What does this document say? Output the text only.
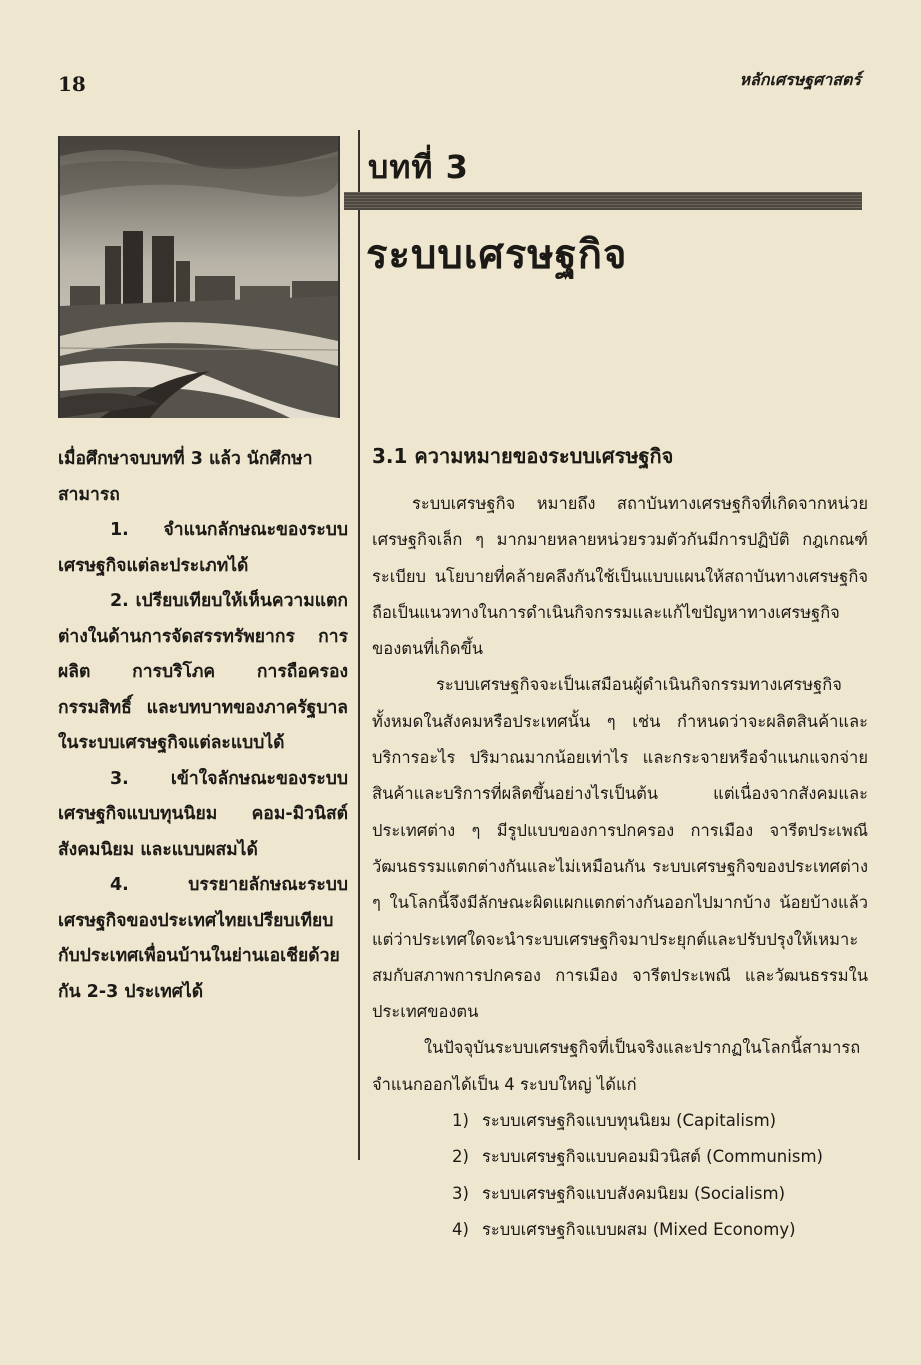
18	หลักเศรษฐศาสตร์
บทที่ 3
ระบบเศรษฐกิจ

เมื่อศึกษาจบบทที่ 3 แล้ว นักศึกษาสามารถ

1. จำแนกลักษณะของระบบเศรษฐกิจแต่ละประเภทได้

2. เปรียบเทียบให้เห็นความแตกต่างในด้านการจัดสรรทรัพยากร การผลิต การบริโภค การถือครองกรรมสิทธิ์ และบทบาทของภาครัฐบาลในระบบเศรษฐกิจแต่ละแบบได้

3. เข้าใจลักษณะของระบบเศรษฐกิจแบบทุนนิยม คอม-มิวนิสต์ สังคมนิยม และแบบผสมได้

4. บรรยายลักษณะระบบเศรษฐกิจของประเทศไทยเปรียบเทียบกับประเทศเพื่อนบ้านในย่านเอเชียด้วยกัน 2-3 ประเทศได้

3.1 ความหมายของระบบเศรษฐกิจ

ระบบเศรษฐกิจ หมายถึง สถาบันทางเศรษฐกิจที่เกิดจากหน่วยเศรษฐกิจเล็ก ๆ มากมายหลายหน่วยรวมตัวกันมีการปฏิบัติ กฎเกณฑ์ ระเบียบ นโยบายที่คล้ายคลึงกันใช้เป็นแบบแผนให้สถาบันทางเศรษฐกิจถือเป็นแนวทางในการดำเนินกิจกรรมและแก้ไขปัญหาทางเศรษฐกิจของตนที่เกิดขึ้น

ระบบเศรษฐกิจจะเป็นเสมือนผู้ดำเนินกิจกรรมทางเศรษฐกิจทั้งหมดในสังคมหรือประเทศนั้น ๆ เช่น กำหนดว่าจะผลิตสินค้าและบริการอะไร ปริมาณมากน้อยเท่าไร และกระจายหรือจำแนกแจกจ่ายสินค้าและบริการที่ผลิตขึ้นอย่างไรเป็นต้น แต่เนื่องจากสังคมและประเทศต่าง ๆ มีรูปแบบของการปกครอง การเมือง จารีตประเพณี วัฒนธรรมแตกต่างกันและไม่เหมือนกัน ระบบเศรษฐกิจของประเทศต่าง ๆ ในโลกนี้จึงมีลักษณะผิดแผกแตกต่างกันออกไปมากบ้าง น้อยบ้างแล้วแต่ว่าประเทศใดจะนำระบบเศรษฐกิจมาประยุกต์และปรับปรุงให้เหมาะสมกับสภาพการปกครอง การเมือง จารีตประเพณี และวัฒนธรรมในประเทศของตน

ในปัจจุบันระบบเศรษฐกิจที่เป็นจริงและปรากฏในโลกนี้สามารถจำแนกออกได้เป็น 4 ระบบใหญ่ ได้แก่

1) ระบบเศรษฐกิจแบบทุนนิยม (Capitalism)
2) ระบบเศรษฐกิจแบบคอมมิวนิสต์ (Communism)
3) ระบบเศรษฐกิจแบบสังคมนิยม (Socialism)
4) ระบบเศรษฐกิจแบบผสม (Mixed Economy)
